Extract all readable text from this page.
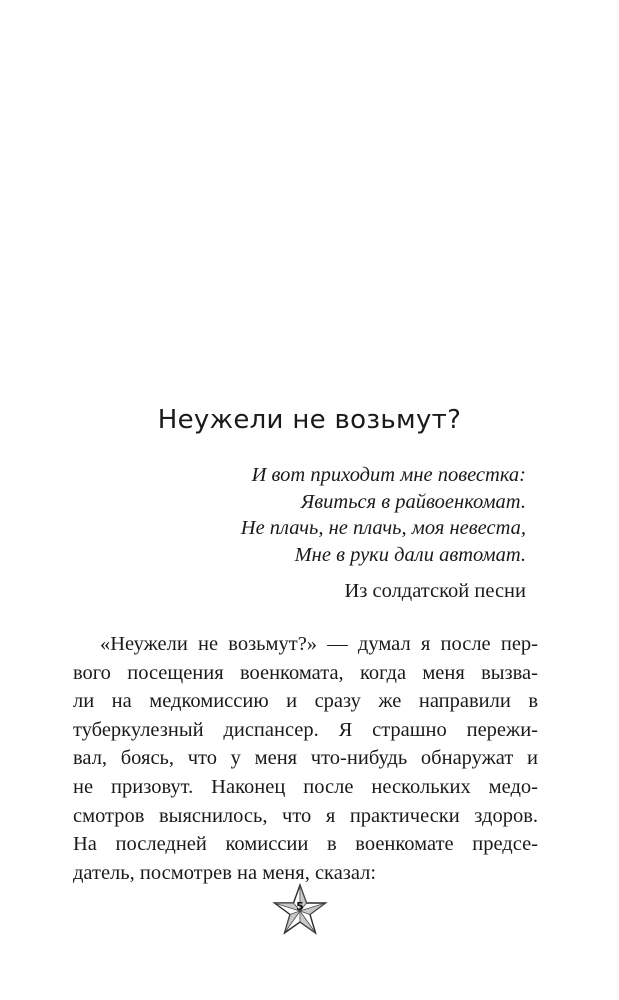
Неужели не возьмут?
И вот приходит мне повестка:
Явиться в райвоенкомат.
Не плачь, не плачь, моя невеста,
Мне в руки дали автомат.
Из солдатской песни
«Неужели не возьмут?» — думал я после пер-
вого посещения военкомата, когда меня вызва-
ли на медкомиссию и сразу же направили в
туберкулезный диспансер. Я страшно пережи-
вал, боясь, что у меня что-нибудь обнаружат и
не призовут. Наконец после нескольких медо-
смотров выяснилось, что я практически здоров.
На последней комиссии в военкомате предсе-
датель, посмотрев на меня, сказал:
5
